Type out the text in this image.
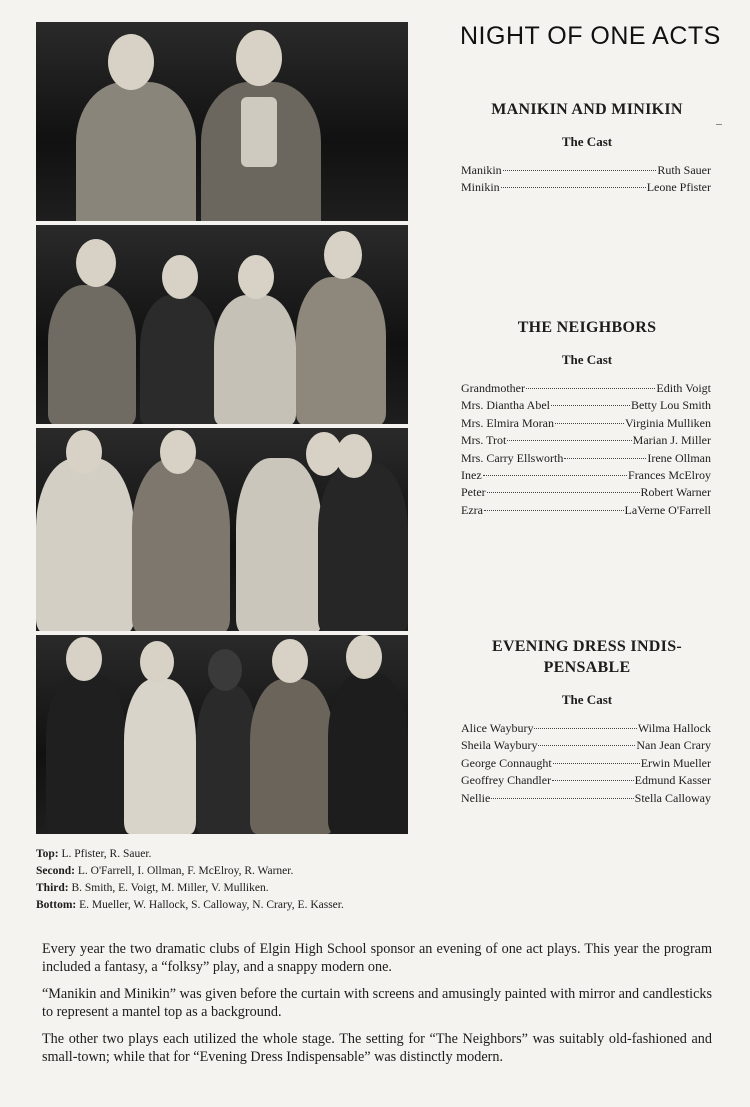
NIGHT OF ONE ACTS
MANIKIN AND MINIKIN
The Cast
Manikin	Ruth Sauer
Minikin	Leone Pfister
THE NEIGHBORS
The Cast
Grandmother	Edith Voigt
Mrs. Diantha Abel	Betty Lou Smith
Mrs. Elmira Moran	Virginia Mulliken
Mrs. Trot	Marian J. Miller
Mrs. Carry Ellsworth	Irene Ollman
Inez	Frances McElroy
Peter	Robert Warner
Ezra	LaVerne O'Farrell
EVENING DRESS INDIS-
PENSABLE
The Cast
Alice Waybury	Wilma Hallock
Sheila Waybury	Nan Jean Crary
George Connaught	Erwin Mueller
Geoffrey Chandler	Edmund Kasser
Nellie	Stella Calloway
Top: L. Pfister, R. Sauer.
Second: L. O'Farrell, I. Ollman, F. McElroy, R. Warner.
Third: B. Smith, E. Voigt, M. Miller, V. Mulliken.
Bottom: E. Mueller, W. Hallock, S. Calloway, N. Crary, E. Kasser.

Every year the two dramatic clubs of Elgin High School sponsor an evening of one act plays. This year the program included a fantasy, a “folksy” play, and a snappy modern one.

“Manikin and Minikin” was given before the curtain with screens and amusingly painted with mirror and candlesticks to represent a mantel top as a background.

The other two plays each utilized the whole stage. The setting for “The Neighbors” was suitably old-fashioned and small-town; while that for “Evening Dress Indispensable” was distinctly modern.
